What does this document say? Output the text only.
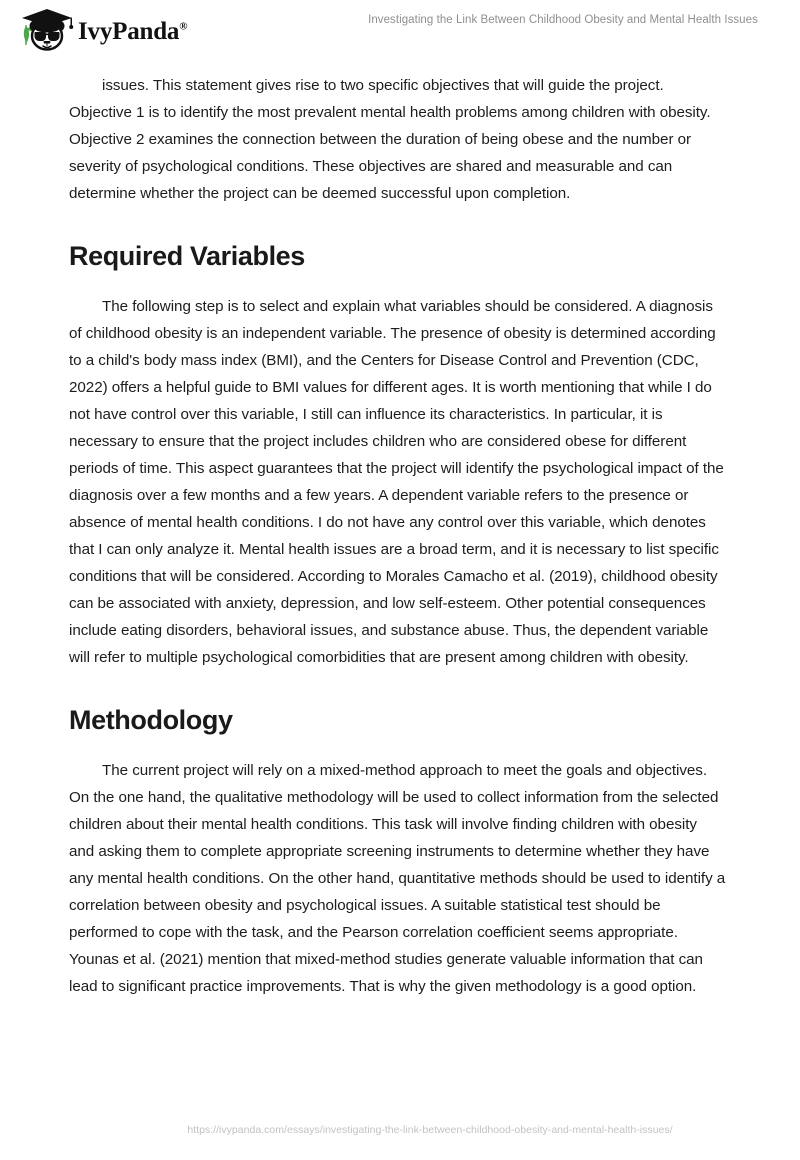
IvyPanda®
Investigating the Link Between Childhood Obesity and Mental Health Issues

issues. This statement gives rise to two specific objectives that will guide the project. Objective 1 is to identify the most prevalent mental health problems among children with obesity. Objective 2 examines the connection between the duration of being obese and the number or severity of psychological conditions. These objectives are shared and measurable and can determine whether the project can be deemed successful upon completion.

Required Variables

The following step is to select and explain what variables should be considered. A diagnosis of childhood obesity is an independent variable. The presence of obesity is determined according to a child's body mass index (BMI), and the Centers for Disease Control and Prevention (CDC, 2022) offers a helpful guide to BMI values for different ages. It is worth mentioning that while I do not have control over this variable, I still can influence its characteristics. In particular, it is necessary to ensure that the project includes children who are considered obese for different periods of time. This aspect guarantees that the project will identify the psychological impact of the diagnosis over a few months and a few years. A dependent variable refers to the presence or absence of mental health conditions. I do not have any control over this variable, which denotes that I can only analyze it. Mental health issues are a broad term, and it is necessary to list specific conditions that will be considered. According to Morales Camacho et al. (2019), childhood obesity can be associated with anxiety, depression, and low self-esteem. Other potential consequences include eating disorders, behavioral issues, and substance abuse. Thus, the dependent variable will refer to multiple psychological comorbidities that are present among children with obesity.

Methodology

The current project will rely on a mixed-method approach to meet the goals and objectives. On the one hand, the qualitative methodology will be used to collect information from the selected children about their mental health conditions. This task will involve finding children with obesity and asking them to complete appropriate screening instruments to determine whether they have any mental health conditions. On the other hand, quantitative methods should be used to identify a correlation between obesity and psychological issues. A suitable statistical test should be performed to cope with the task, and the Pearson correlation coefficient seems appropriate. Younas et al. (2021) mention that mixed-method studies generate valuable information that can lead to significant practice improvements. That is why the given methodology is a good option.

https://ivypanda.com/essays/investigating-the-link-between-childhood-obesity-and-mental-health-issues/
